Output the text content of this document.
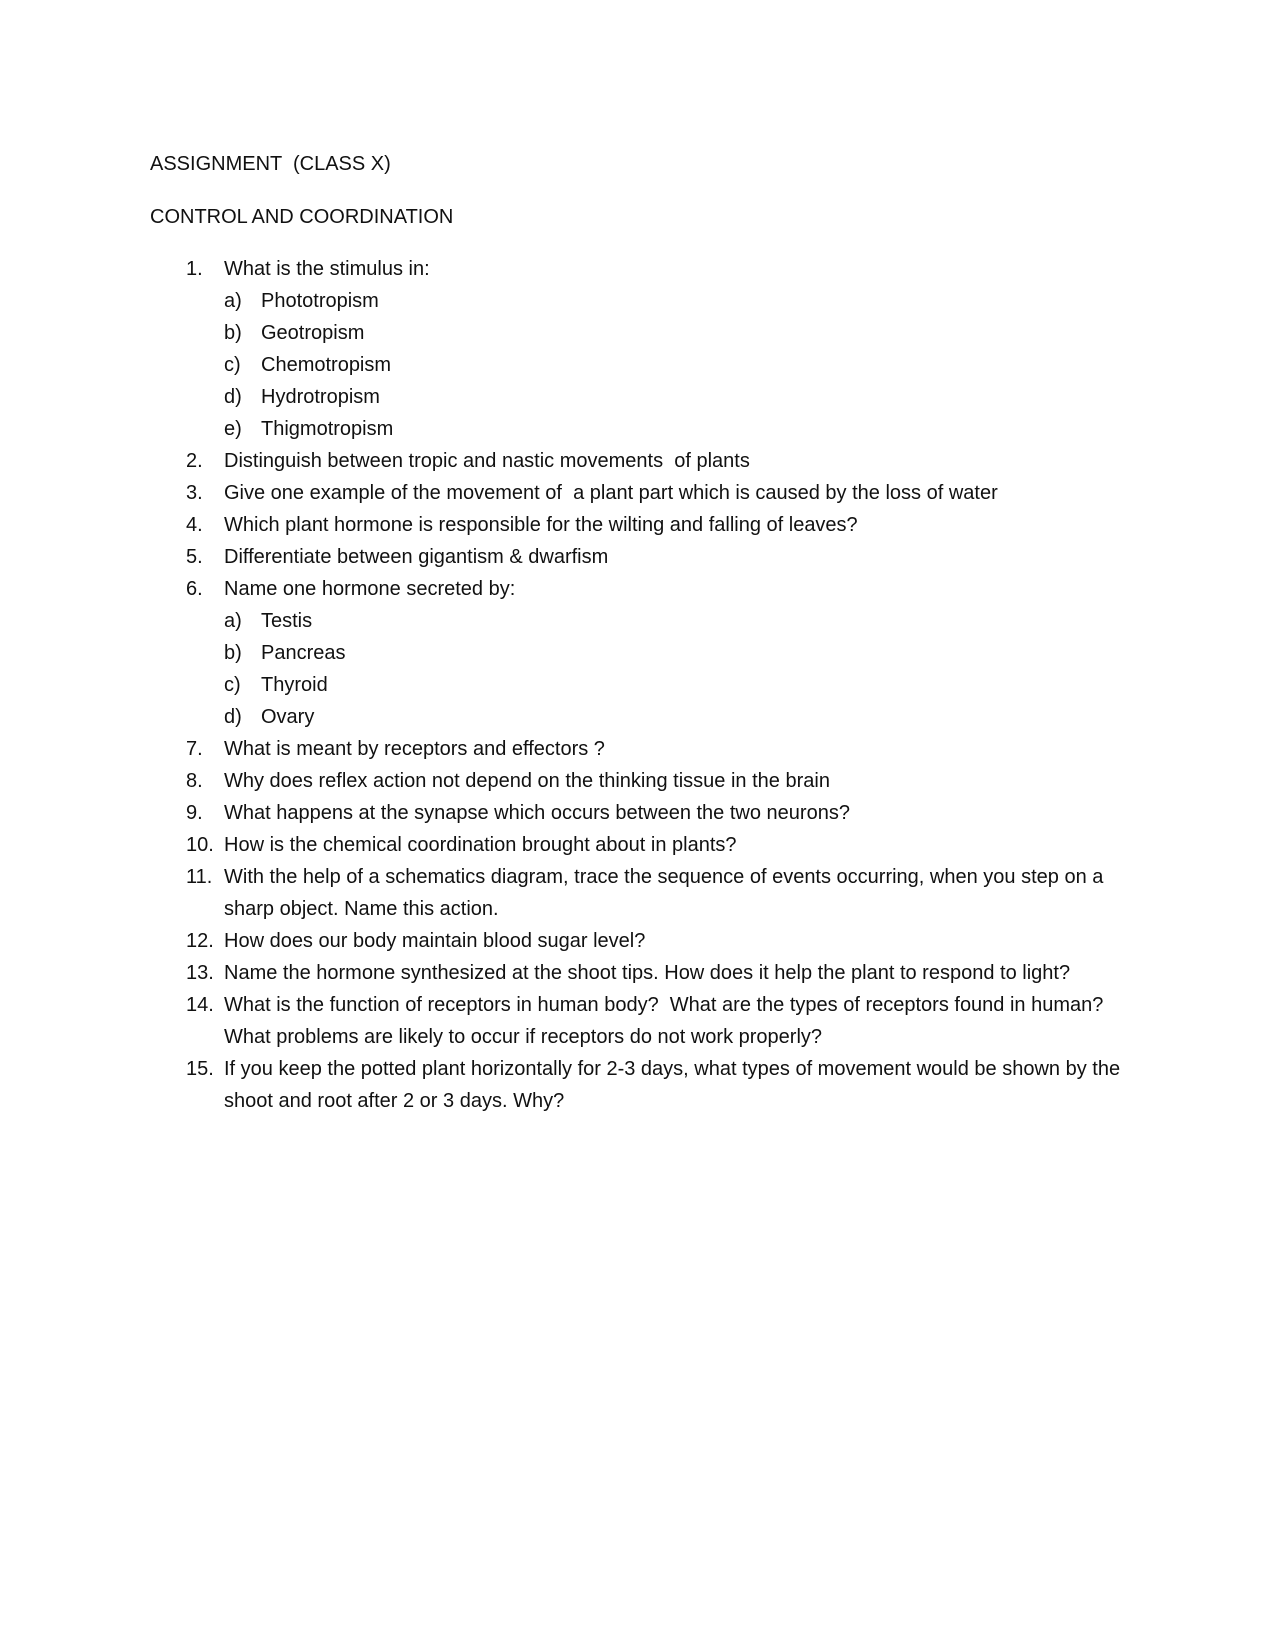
ASSIGNMENT  (CLASS X)
CONTROL AND COORDINATION
1. What is the stimulus in:
a) Phototropism
b) Geotropism
c) Chemotropism
d) Hydrotropism
e) Thigmotropism
2. Distinguish between tropic and nastic movements  of plants
3. Give one example of the movement of  a plant part which is caused by the loss of water
4. Which plant hormone is responsible for the wilting and falling of leaves?
5. Differentiate between gigantism & dwarfism
6. Name one hormone secreted by:
a) Testis
b) Pancreas
c) Thyroid
d) Ovary
7. What is meant by receptors and effectors ?
8. Why does reflex action not depend on the thinking tissue in the brain
9. What happens at the synapse which occurs between the two neurons?
10. How is the chemical coordination brought about in plants?
11. With the help of a schematics diagram, trace the sequence of events occurring, when you step on a sharp object. Name this action.
12. How does our body maintain blood sugar level?
13. Name the hormone synthesized at the shoot tips. How does it help the plant to respond to light?
14. What is the function of receptors in human body?  What are the types of receptors found in human? What problems are likely to occur if receptors do not work properly?
15. If you keep the potted plant horizontally for 2-3 days, what types of movement would be shown by the shoot and root after 2 or 3 days. Why?
